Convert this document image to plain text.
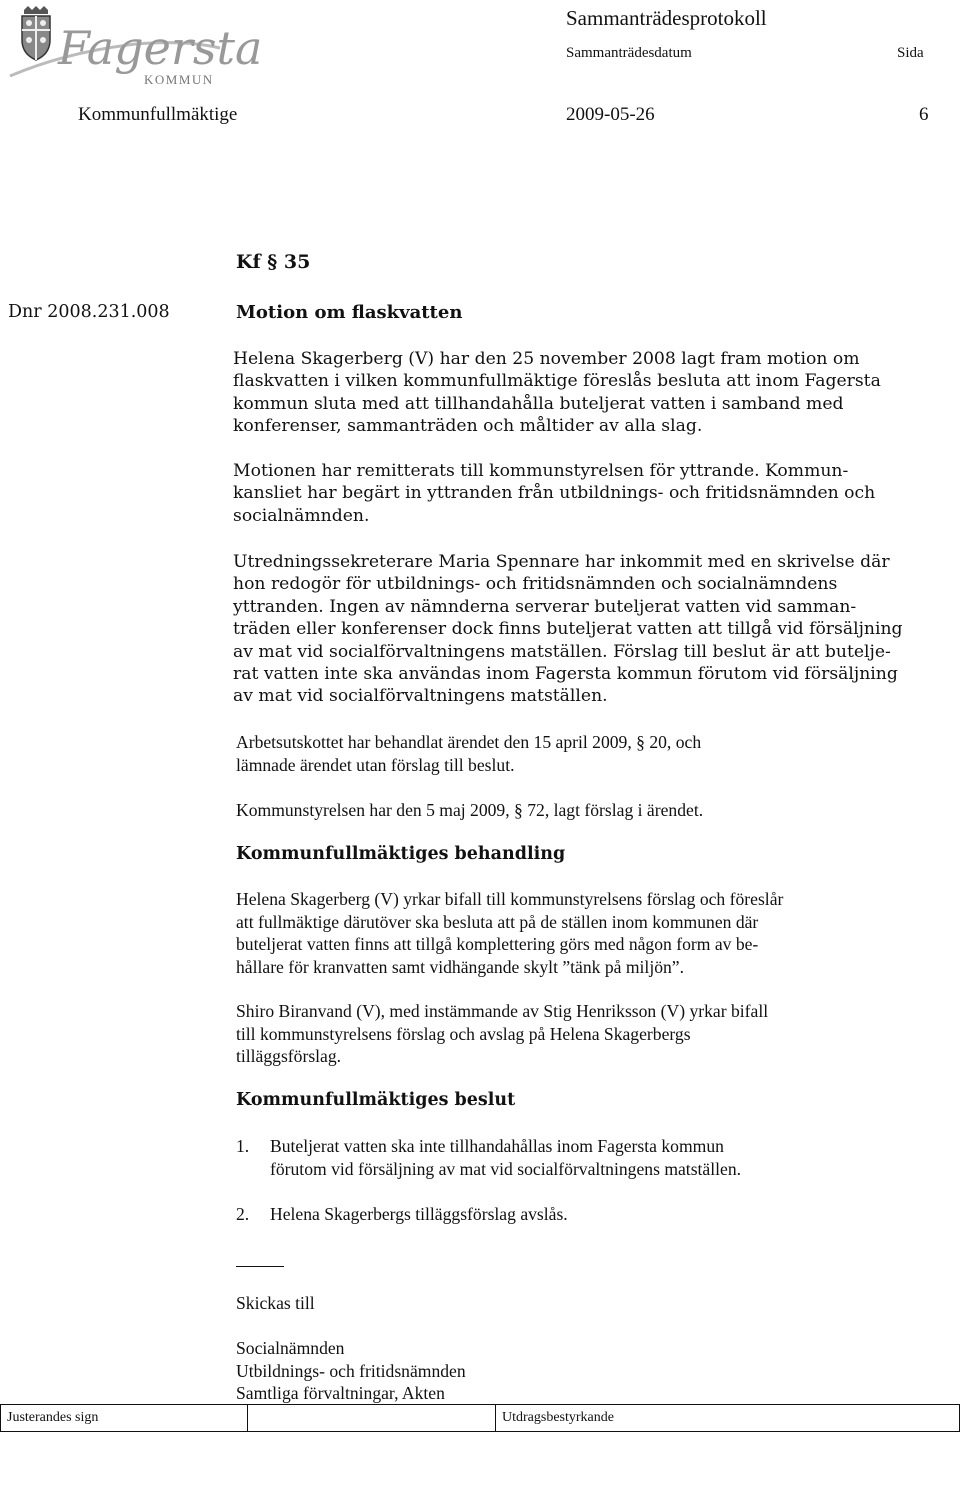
Fagersta
KOMMUN
Sammanträdesprotokoll
Sammanträdesdatum	Sida
Kommunfullmäktige	2009-05-26	6
Kf § 35
Dnr 2008.231.008	Motion om flaskvatten

Helena Skagerberg (V) har den 25 november 2008 lagt fram motion om
flaskvatten i vilken kommunfullmäktige föreslås besluta att inom Fagersta
kommun sluta med att tillhandahålla buteljerat vatten i samband med
konferenser, sammanträden och måltider av alla slag.

Motionen har remitterats till kommunstyrelsen för yttrande. Kommun-
kansliet har begärt in yttranden från utbildnings- och fritidsnämnden och
socialnämnden.

Utredningssekreterare Maria Spennare har inkommit med en skrivelse där
hon redogör för utbildnings- och fritidsnämnden och socialnämndens
yttranden. Ingen av nämnderna serverar buteljerat vatten vid samman-
träden eller konferenser dock finns buteljerat vatten att tillgå vid försäljning
av mat vid socialförvaltningens matställen. Förslag till beslut är att butelje-
rat vatten inte ska användas inom Fagersta kommun förutom vid försäljning
av mat vid socialförvaltningens matställen.

Arbetsutskottet har behandlat ärendet den 15 april 2009, § 20, och
lämnade ärendet utan förslag till beslut.

Kommunstyrelsen har den 5 maj 2009, § 72, lagt förslag i ärendet.

Kommunfullmäktiges behandling

Helena Skagerberg (V) yrkar bifall till kommunstyrelsens förslag och föreslår
att fullmäktige därutöver ska besluta att på de ställen inom kommunen där
buteljerat vatten finns att tillgå komplettering görs med någon form av be-
hållare för kranvatten samt vidhängande skylt ”tänk på miljön”.

Shiro Biranvand (V), med instämmande av Stig Henriksson (V) yrkar bifall
till kommunstyrelsens förslag och avslag på Helena Skagerbergs
tilläggsförslag.

Kommunfullmäktiges beslut
1. Buteljerat vatten ska inte tillhandahållas inom Fagersta kommun
förutom vid försäljning av mat vid socialförvaltningens matställen.
2. Helena Skagerbergs tilläggsförslag avslås.
Skickas till

Socialnämnden
Utbildnings- och fritidsnämnden
Samtliga förvaltningar, Akten

Justerandes sign	Utdragsbestyrkande
